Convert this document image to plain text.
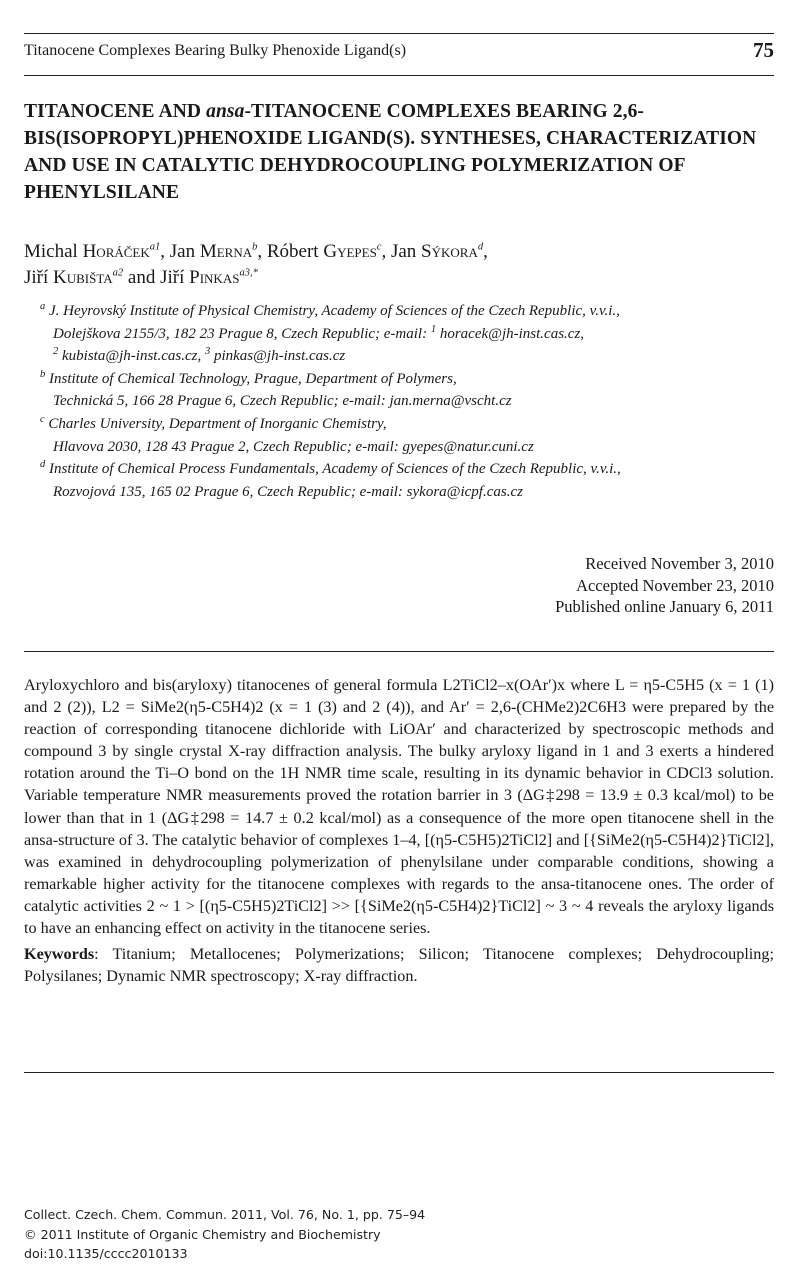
Titanocene Complexes Bearing Bulky Phenoxide Ligand(s)	75
TITANOCENE AND ansa-TITANOCENE COMPLEXES BEARING 2,6-BIS(ISOPROPYL)PHENOXIDE LIGAND(S). SYNTHESES, CHARACTERIZATION AND USE IN CATALYTIC DEHYDROCOUPLING POLYMERIZATION OF PHENYLSILANE
Michal Horáček$^{a1}$, Jan Merna$^b$, Róbert Gyepes$^c$, Jan Sýkora$^d$,
Jiří Kubišta$^{a2}$ and Jiří Pinkas$^{a3,*}$
$^a$ J. Heyrovský Institute of Physical Chemistry, Academy of Sciences of the Czech Republic, v.v.i.,
Dolejškova 2155/3, 182 23 Prague 8, Czech Republic; e-mail: $^1$ horacek@jh-inst.cas.cz,
$^2$ kubista@jh-inst.cas.cz, $^3$ pinkas@jh-inst.cas.cz
$^b$ Institute of Chemical Technology, Prague, Department of Polymers,
Technická 5, 166 28 Prague 6, Czech Republic; e-mail: jan.merna@vscht.cz
$^c$ Charles University, Department of Inorganic Chemistry,
Hlavova 2030, 128 43 Prague 2, Czech Republic; e-mail: gyepes@natur.cuni.cz
$^d$ Institute of Chemical Process Fundamentals, Academy of Sciences of the Czech Republic, v.v.i.,
Rozvojová 135, 165 02 Prague 6, Czech Republic; e-mail: sykora@icpf.cas.cz
Received November 3, 2010
Accepted November 23, 2010
Published online January 6, 2011

Aryloxychloro and bis(aryloxy) titanocenes of general formula L2TiCl2–x(OAr′)x where L = η5-C5H5 (x = 1 (1) and 2 (2)), L2 = SiMe2(η5-C5H4)2 (x = 1 (3) and 2 (4)), and Ar′ = 2,6-(CHMe2)2C6H3 were prepared by the reaction of corresponding titanocene dichloride with LiOAr′ and characterized by spectroscopic methods and compound 3 by single crystal X-ray diffraction analysis. The bulky aryloxy ligand in 1 and 3 exerts a hindered rotation around the Ti–O bond on the 1H NMR time scale, resulting in its dynamic behavior in CDCl3 solution. Variable temperature NMR measurements proved the rotation barrier in 3 (ΔG‡298 = 13.9 ± 0.3 kcal/mol) to be lower than that in 1 (ΔG‡298 = 14.7 ± 0.2 kcal/mol) as a consequence of the more open titanocene shell in the ansa-structure of 3. The catalytic behavior of complexes 1–4, [(η5-C5H5)2TiCl2] and [{SiMe2(η5-C5H4)2}TiCl2], was examined in dehydrocoupling polymerization of phenylsilane under comparable conditions, showing a remarkable higher activity for the titanocene complexes with regards to the ansa-titanocene ones. The order of catalytic activities 2 ~ 1 > [(η5-C5H5)2TiCl2] >> [{SiMe2(η5-C5H4)2}TiCl2] ~ 3 ~ 4 reveals the aryloxy ligands to have an enhancing effect on activity in the titanocene series.

Keywords: Titanium; Metallocenes; Polymerizations; Silicon; Titanocene complexes; Dehydrocoupling; Polysilanes; Dynamic NMR spectroscopy; X-ray diffraction.

Collect. Czech. Chem. Commun. 2011, Vol. 76, No. 1, pp. 75–94
© 2011 Institute of Organic Chemistry and Biochemistry
doi:10.1135/cccc2010133
